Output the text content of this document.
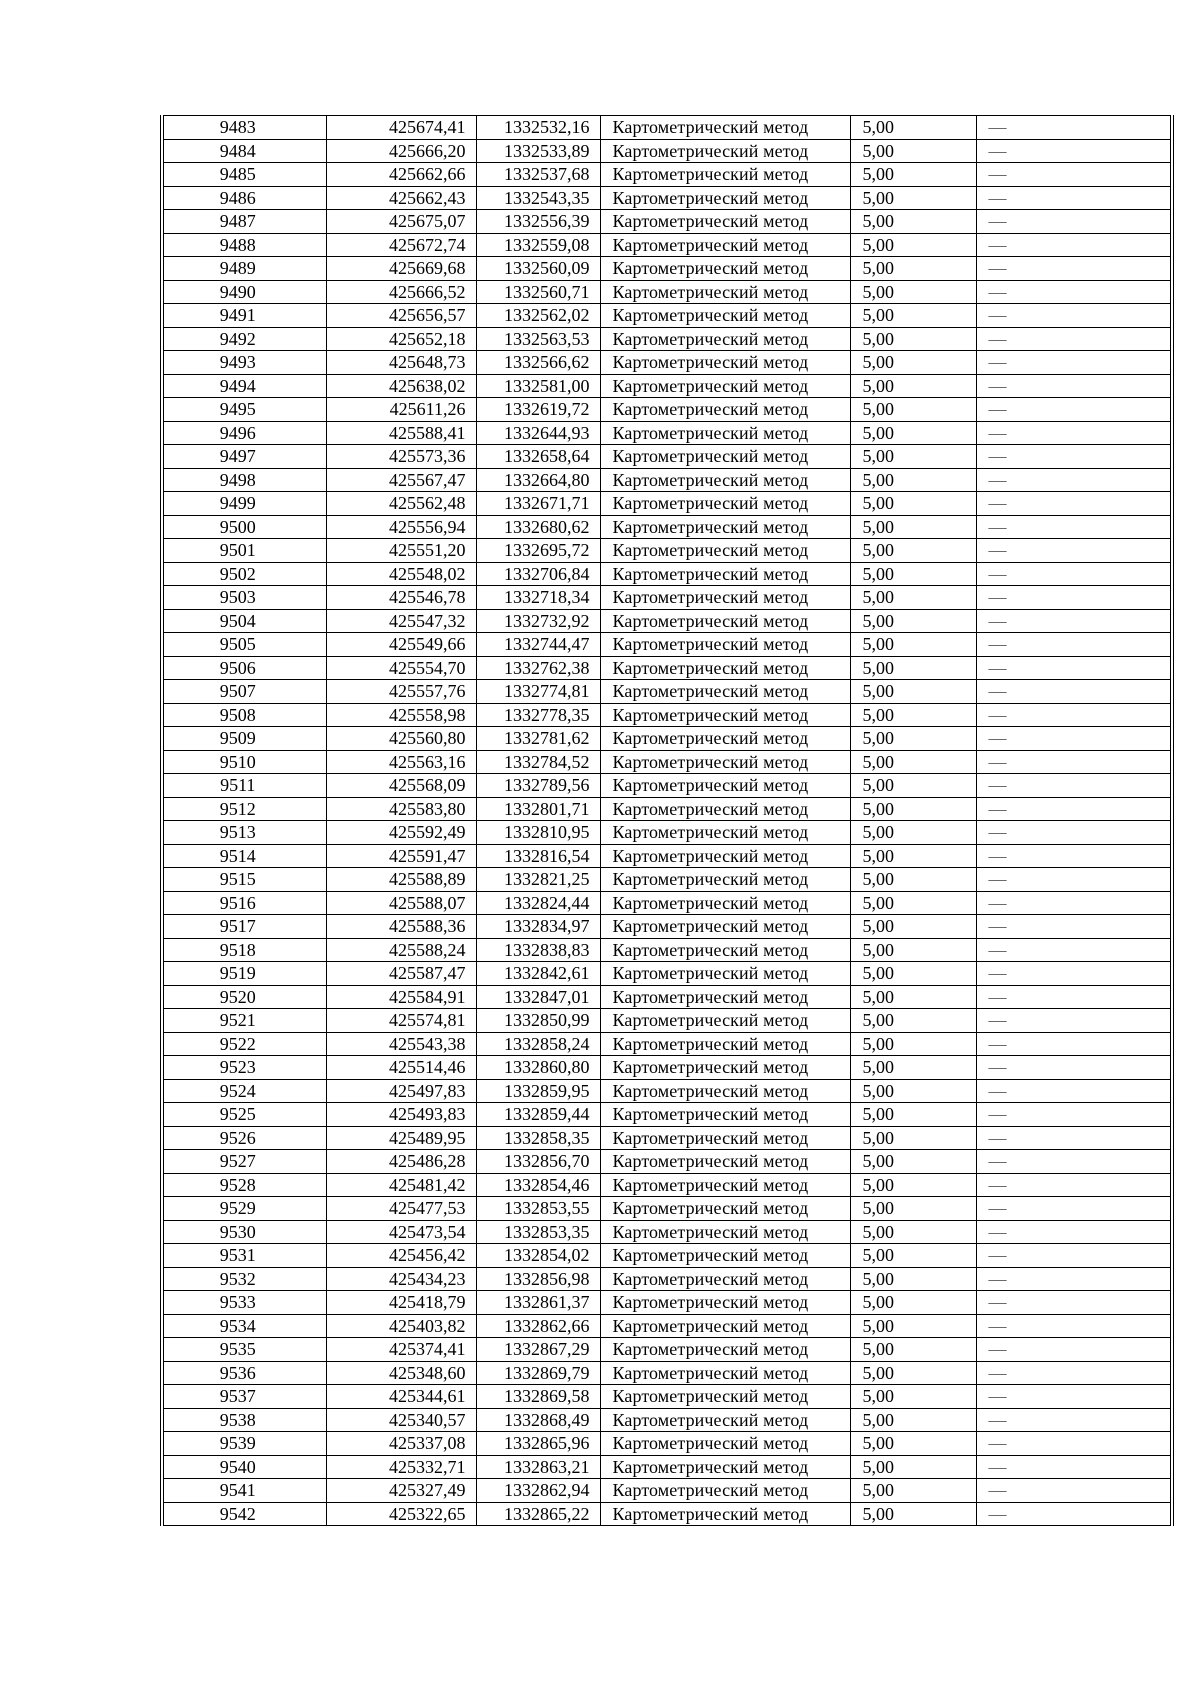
9483	425674,41	1332532,16	Картометрический метод	5,00	—
9484	425666,20	1332533,89	Картометрический метод	5,00	—
9485	425662,66	1332537,68	Картометрический метод	5,00	—
9486	425662,43	1332543,35	Картометрический метод	5,00	—
9487	425675,07	1332556,39	Картометрический метод	5,00	—
9488	425672,74	1332559,08	Картометрический метод	5,00	—
9489	425669,68	1332560,09	Картометрический метод	5,00	—
9490	425666,52	1332560,71	Картометрический метод	5,00	—
9491	425656,57	1332562,02	Картометрический метод	5,00	—
9492	425652,18	1332563,53	Картометрический метод	5,00	—
9493	425648,73	1332566,62	Картометрический метод	5,00	—
9494	425638,02	1332581,00	Картометрический метод	5,00	—
9495	425611,26	1332619,72	Картометрический метод	5,00	—
9496	425588,41	1332644,93	Картометрический метод	5,00	—
9497	425573,36	1332658,64	Картометрический метод	5,00	—
9498	425567,47	1332664,80	Картометрический метод	5,00	—
9499	425562,48	1332671,71	Картометрический метод	5,00	—
9500	425556,94	1332680,62	Картометрический метод	5,00	—
9501	425551,20	1332695,72	Картометрический метод	5,00	—
9502	425548,02	1332706,84	Картометрический метод	5,00	—
9503	425546,78	1332718,34	Картометрический метод	5,00	—
9504	425547,32	1332732,92	Картометрический метод	5,00	—
9505	425549,66	1332744,47	Картометрический метод	5,00	—
9506	425554,70	1332762,38	Картометрический метод	5,00	—
9507	425557,76	1332774,81	Картометрический метод	5,00	—
9508	425558,98	1332778,35	Картометрический метод	5,00	—
9509	425560,80	1332781,62	Картометрический метод	5,00	—
9510	425563,16	1332784,52	Картометрический метод	5,00	—
9511	425568,09	1332789,56	Картометрический метод	5,00	—
9512	425583,80	1332801,71	Картометрический метод	5,00	—
9513	425592,49	1332810,95	Картометрический метод	5,00	—
9514	425591,47	1332816,54	Картометрический метод	5,00	—
9515	425588,89	1332821,25	Картометрический метод	5,00	—
9516	425588,07	1332824,44	Картометрический метод	5,00	—
9517	425588,36	1332834,97	Картометрический метод	5,00	—
9518	425588,24	1332838,83	Картометрический метод	5,00	—
9519	425587,47	1332842,61	Картометрический метод	5,00	—
9520	425584,91	1332847,01	Картометрический метод	5,00	—
9521	425574,81	1332850,99	Картометрический метод	5,00	—
9522	425543,38	1332858,24	Картометрический метод	5,00	—
9523	425514,46	1332860,80	Картометрический метод	5,00	—
9524	425497,83	1332859,95	Картометрический метод	5,00	—
9525	425493,83	1332859,44	Картометрический метод	5,00	—
9526	425489,95	1332858,35	Картометрический метод	5,00	—
9527	425486,28	1332856,70	Картометрический метод	5,00	—
9528	425481,42	1332854,46	Картометрический метод	5,00	—
9529	425477,53	1332853,55	Картометрический метод	5,00	—
9530	425473,54	1332853,35	Картометрический метод	5,00	—
9531	425456,42	1332854,02	Картометрический метод	5,00	—
9532	425434,23	1332856,98	Картометрический метод	5,00	—
9533	425418,79	1332861,37	Картометрический метод	5,00	—
9534	425403,82	1332862,66	Картометрический метод	5,00	—
9535	425374,41	1332867,29	Картометрический метод	5,00	—
9536	425348,60	1332869,79	Картометрический метод	5,00	—
9537	425344,61	1332869,58	Картометрический метод	5,00	—
9538	425340,57	1332868,49	Картометрический метод	5,00	—
9539	425337,08	1332865,96	Картометрический метод	5,00	—
9540	425332,71	1332863,21	Картометрический метод	5,00	—
9541	425327,49	1332862,94	Картометрический метод	5,00	—
9542	425322,65	1332865,22	Картометрический метод	5,00	—
